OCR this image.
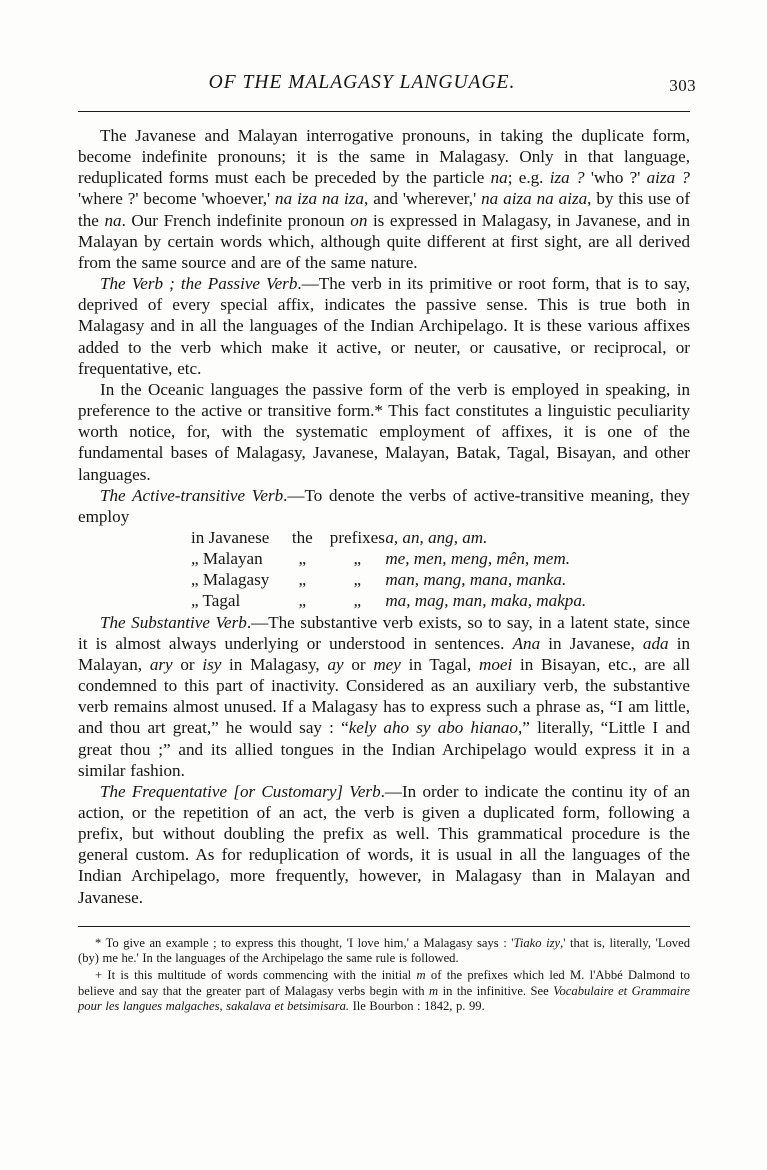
OF THE MALAGASY LANGUAGE.	303

The Javanese and Malayan interrogative pronouns, in taking the duplicate form, become indefinite pronouns; it is the same in Malagasy. Only in that language, reduplicated forms must each be preceded by the particle na; e.g. iza ? 'who ?' aiza ? 'where ?' become 'whoever,' na iza na iza, and 'wherever,' na aiza na aiza, by this use of the na. Our French indefinite pronoun on is expressed in Malagasy, in Javanese, and in Malayan by certain words which, although quite different at first sight, are all derived from the same source and are of the same nature.

The Verb ; the Passive Verb.—The verb in its primitive or root form, that is to say, deprived of every special affix, indicates the passive sense. This is true both in Malagasy and in all the languages of the Indian Archipelago. It is these various affixes added to the verb which make it active, or neuter, or causative, or reciprocal, or frequentative, etc.

In the Oceanic languages the passive form of the verb is employed in speaking, in preference to the active or transitive form.* This fact constitutes a linguistic peculiarity worth notice, for, with the systematic employment of affixes, it is one of the fundamental bases of Malagasy, Javanese, Malayan, Batak, Tagal, Bisayan, and other languages.

The Active-transitive Verb.—To denote the verbs of active-transitive meaning, they employ

in Javanese	the	prefixes	a, an, ang, am.
„ Malayan	„	„	me, men, meng, mên, mem.
„ Malagasy	„	„	man, mang, mana, manka.
„ Tagal	„	„	ma, mag, man, maka, makpa.

The Substantive Verb.—The substantive verb exists, so to say, in a latent state, since it is almost always underlying or understood in sentences. Ana in Javanese, ada in Malayan, ary or isy in Malagasy, ay or mey in Tagal, moei in Bisayan, etc., are all condemned to this part of inactivity. Considered as an auxiliary verb, the substantive verb remains almost unused. If a Malagasy has to express such a phrase as, “I am little, and thou art great,” he would say : “kely aho sy abo hianao,” literally, “Little I and great thou ;” and its allied tongues in the Indian Archipelago would express it in a similar fashion.

The Frequentative [or Customary] Verb.—In order to indicate the continu ity of an action, or the repetition of an act, the verb is given a duplicated form, following a prefix, but without doubling the prefix as well. This grammatical procedure is the general custom. As for reduplication of words, it is usual in all the languages of the Indian Archipelago, more frequently, however, in Malagasy than in Malayan and Javanese.

* To give an example ; to express this thought, 'I love him,' a Malagasy says : 'Tiako izy,' that is, literally, 'Loved (by) me he.' In the languages of the Archipelago the same rule is followed.

+ It is this multitude of words commencing with the initial m of the prefixes which led M. l'Abbé Dalmond to believe and say that the greater part of Malagasy verbs begin with m in the infinitive. See Vocabulaire et Grammaire pour les langues malgaches, sakalava et betsimisara. Ile Bourbon : 1842, p. 99.
